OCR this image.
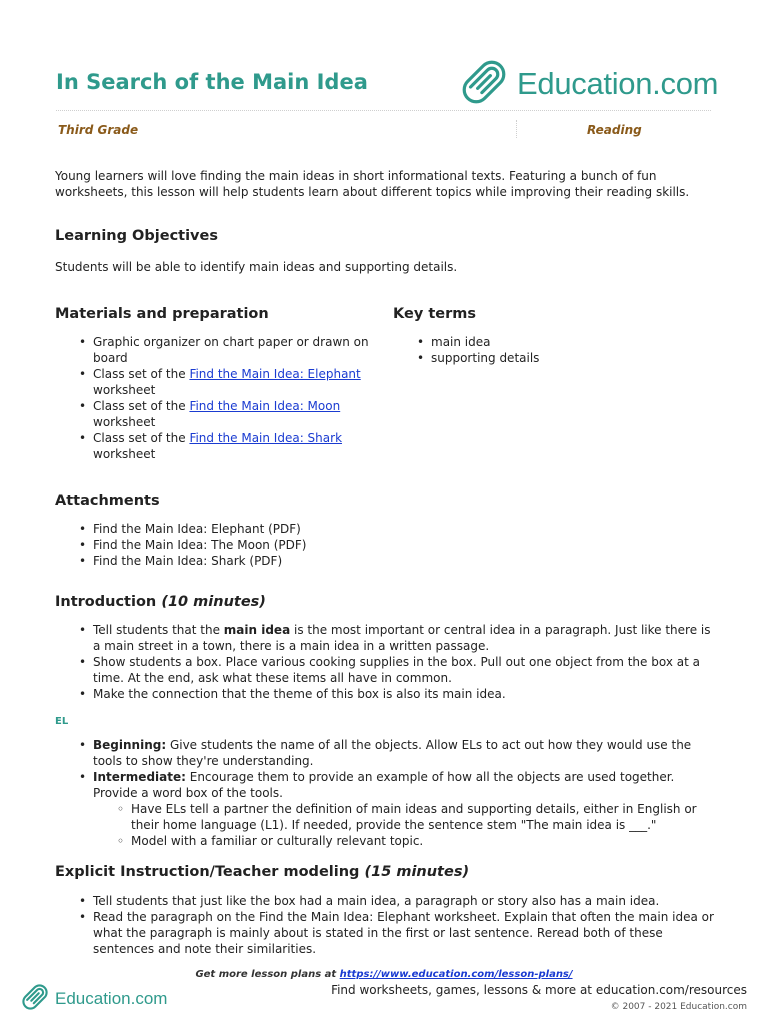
In Search of the Main Idea	Education.com
Third Grade	Reading
Young learners will love finding the main ideas in short informational texts. Featuring a bunch of fun worksheets, this lesson will help students learn about different topics while improving their reading skills.
Learning Objectives
Students will be able to identify main ideas and supporting details.
Materials and preparation
• Graphic organizer on chart paper or drawn on board
• Class set of the Find the Main Idea: Elephant
worksheet
• Class set of the Find the Main Idea: Moon
worksheet
• Class set of the Find the Main Idea: Shark
worksheet
Key terms
• main idea
• supporting details
Attachments
• Find the Main Idea: Elephant (PDF)
• Find the Main Idea: The Moon (PDF)
• Find the Main Idea: Shark (PDF)
Introduction (10 minutes)
• Tell students that the main idea is the most important or central idea in a paragraph. Just like there is a main street in a town, there is a main idea in a written passage.
• Show students a box. Place various cooking supplies in the box. Pull out one object from the box at a time. At the end, ask what these items all have in common.
• Make the connection that the theme of this box is also its main idea.
EL
• Beginning: Give students the name of all the objects. Allow ELs to act out how they would use the tools to show they're understanding.
• Intermediate: Encourage them to provide an example of how all the objects are used together. Provide a word box of the tools.
◦ Have ELs tell a partner the definition of main ideas and supporting details, either in English or their home language (L1). If needed, provide the sentence stem "The main idea is ___."
◦ Model with a familiar or culturally relevant topic.
Explicit Instruction/Teacher modeling (15 minutes)
• Tell students that just like the box had a main idea, a paragraph or story also has a main idea.
• Read the paragraph on the Find the Main Idea: Elephant worksheet. Explain that often the main idea or what the paragraph is mainly about is stated in the first or last sentence. Reread both of these sentences and note their similarities.
Get more lesson plans at https://www.education.com/lesson-plans/
Education.com	Find worksheets, games, lessons & more at education.com/resources
© 2007 - 2021 Education.com
